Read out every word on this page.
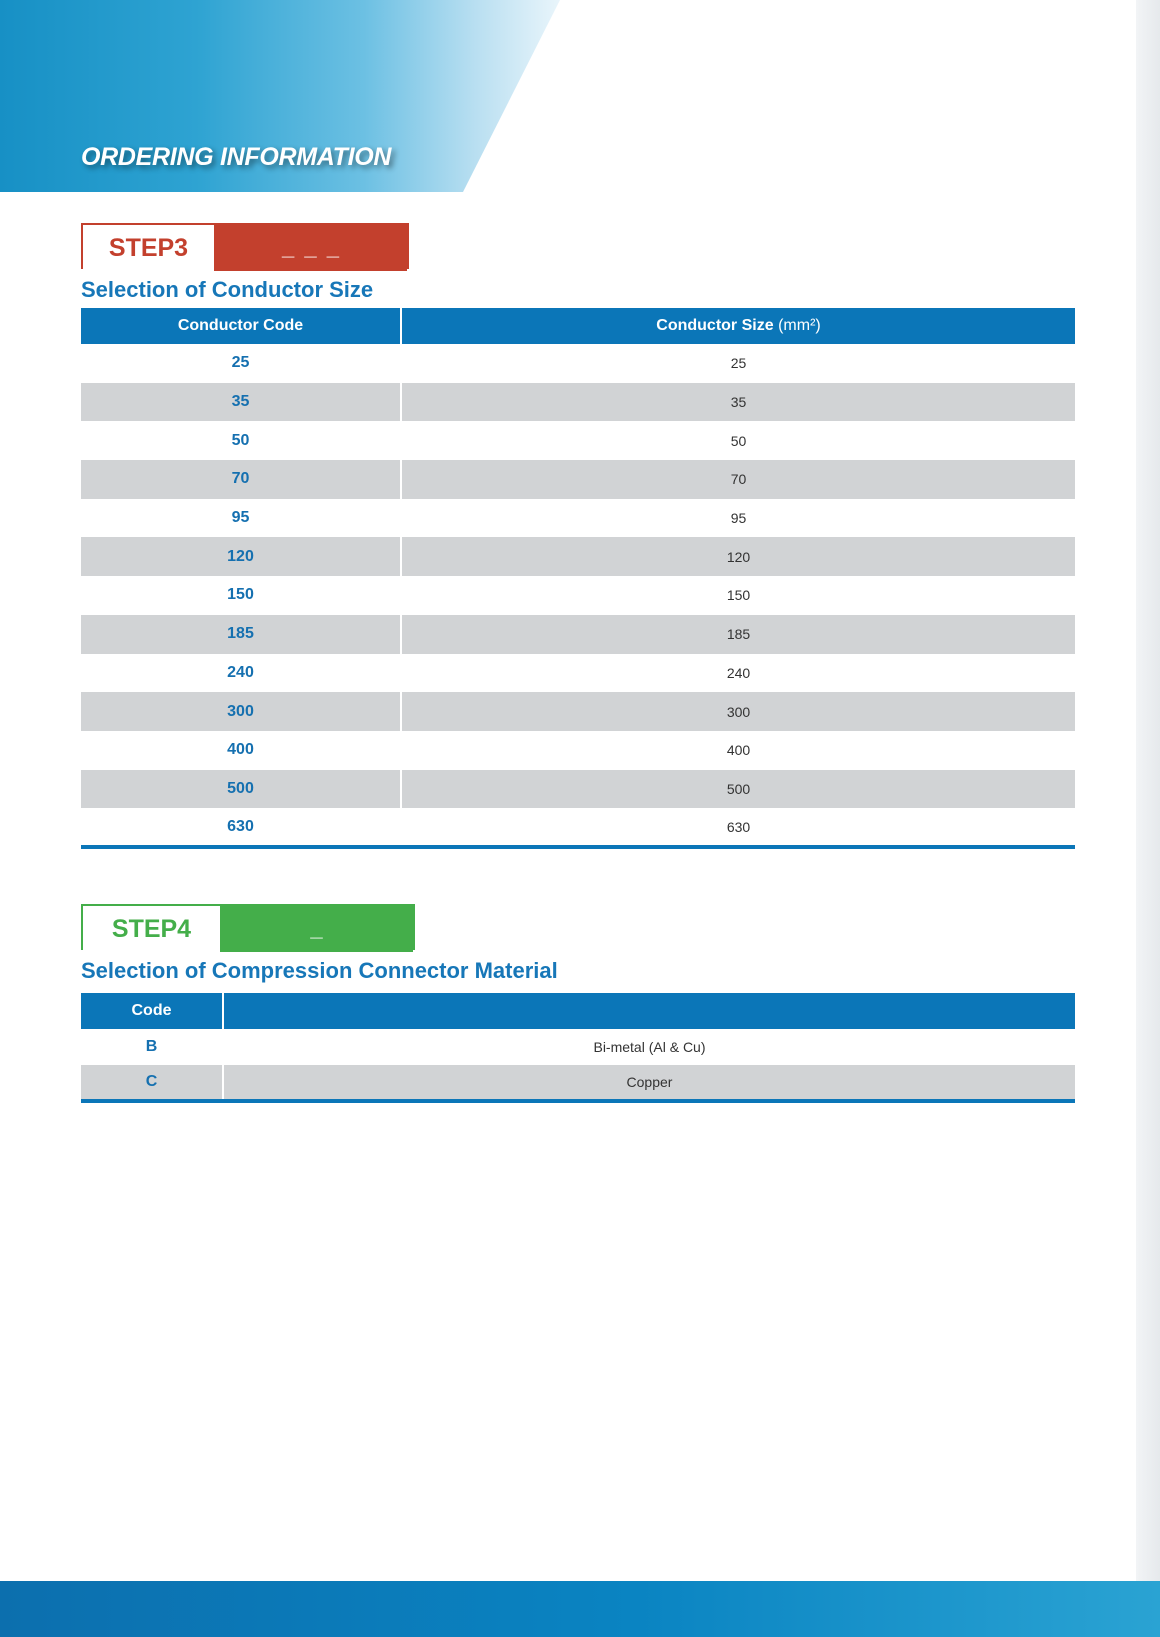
ORDERING INFORMATION
STEP3	_ _ _
Selection of Conductor Size
Conductor Code	Conductor Size (mm²)
25	25
35	35
50	50
70	70
95	95
120	120
150	150
185	185
240	240
300	300
400	400
500	500
630	630
STEP4	_
Selection of Compression Connector Material
Code	
B	Bi-metal (Al & Cu)
C	Copper
